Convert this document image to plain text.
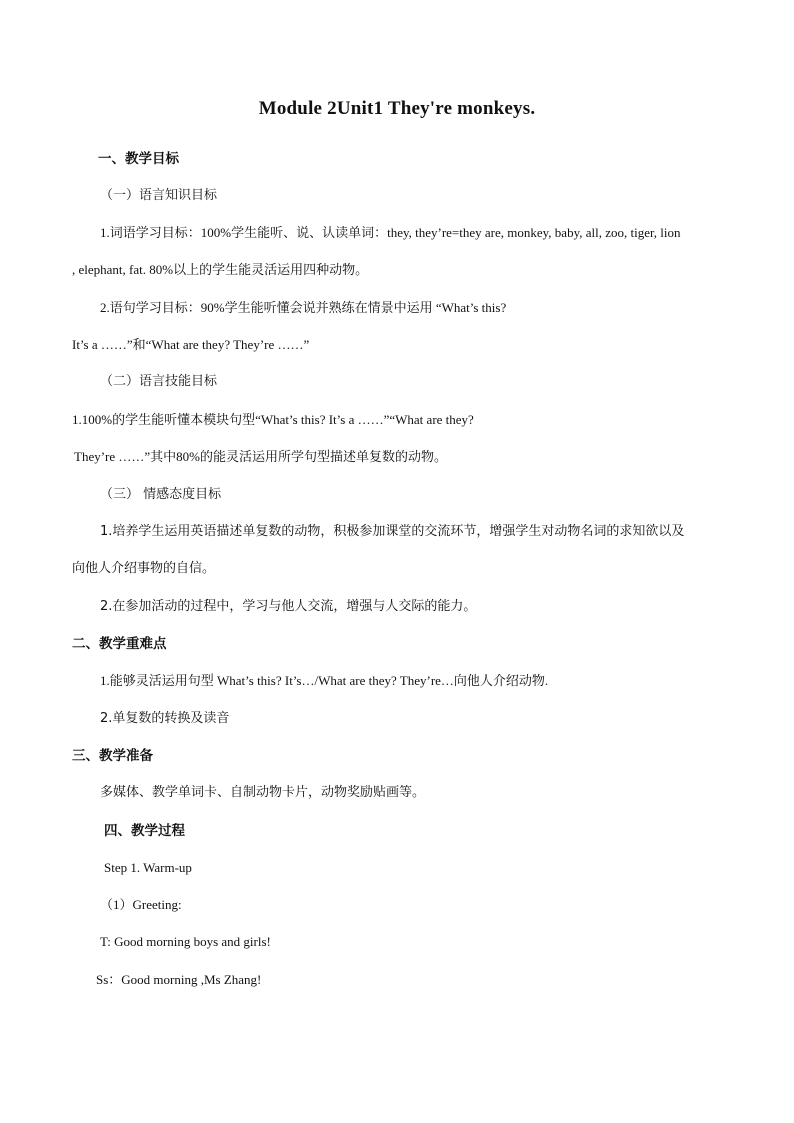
Module 2Unit1 They're monkeys.
一、教学目标
（一）语言知识目标
1.词语学习目标：100%学生能听、说、认读单词：they, they’re=they are, monkey, baby, all, zoo, tiger, lion
, elephant, fat. 80%以上的学生能灵活运用四种动物。
2.语句学习目标：90%学生能听懂会说并熟练在情景中运用 “What’s this?
It’s a ……”和“What are they? They’re ……”
（二）语言技能目标
1.100%的学生能听懂本模块句型“What’s this? It’s a ……”“What are they?
They’re ……”其中80%的能灵活运用所学句型描述单复数的动物。
（三） 情感态度目标
1.培养学生运用英语描述单复数的动物，积极参加课堂的交流环节，增强学生对动物名词的求知欲以及
向他人介绍事物的自信。
2.在参加活动的过程中，学习与他人交流，增强与人交际的能力。
二、教学重难点
1.能够灵活运用句型 What’s this? It’s…/What are they? They’re…向他人介绍动物.
2.单复数的转换及读音
三、教学准备
多媒体、教学单词卡、自制动物卡片，动物奖励贴画等。
四、教学过程
Step 1. Warm-up
（1）Greeting:
T: Good morning boys and girls!
Ss：Good morning ,Ms Zhang!
